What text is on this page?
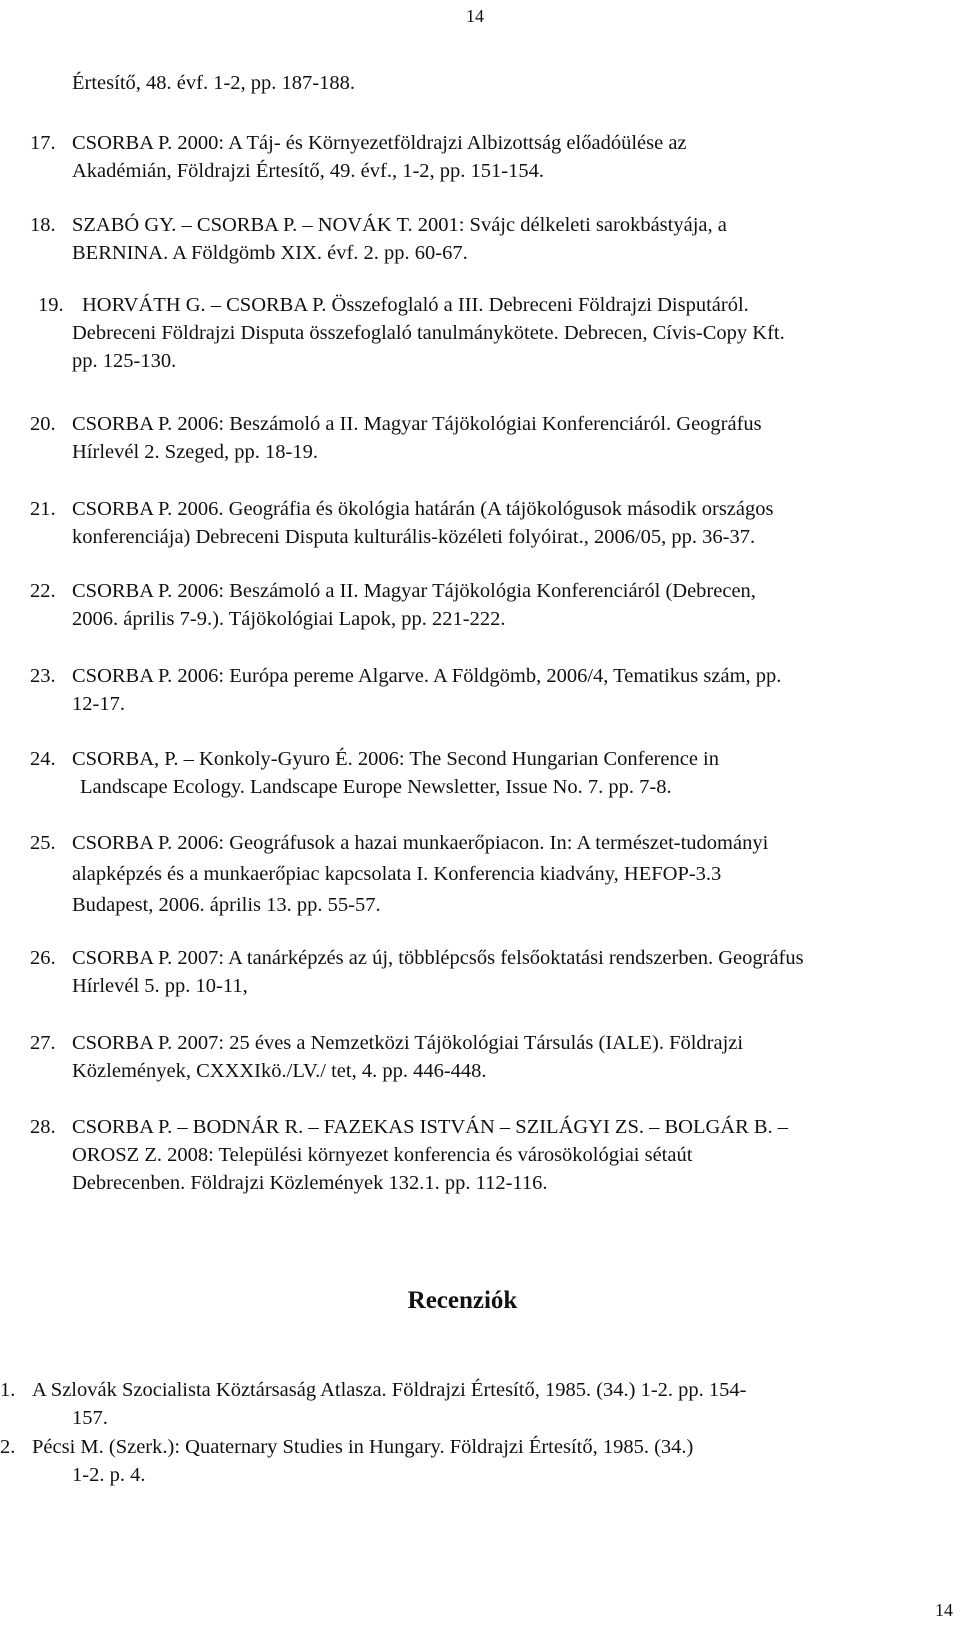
14
Értesítő, 48. évf. 1-2, pp. 187-188.
17. CSORBA P. 2000: A Táj- és Környezetföldrajzi Albizottság előadóülése az
Akadémián, Földrajzi Értesítő, 49. évf., 1-2, pp. 151-154.
18. SZABÓ GY. – CSORBA P. – NOVÁK T. 2001: Svájc délkeleti sarokbástyája, a
BERNINA. A Földgömb XIX. évf. 2. pp. 60-67.
19. HORVÁTH G. – CSORBA P. Összefoglaló a III. Debreceni Földrajzi Disputáról.
Debreceni Földrajzi Disputa összefoglaló tanulmánykötete. Debrecen, Cívis-Copy Kft.
pp. 125-130.
20. CSORBA P. 2006: Beszámoló a II. Magyar Tájökológiai Konferenciáról. Geográfus
Hírlevél 2. Szeged, pp. 18-19.
21. CSORBA P. 2006. Geográfia és ökológia határán (A tájökológusok második országos
konferenciája) Debreceni Disputa kulturális-közéleti folyóirat., 2006/05, pp. 36-37.
22. CSORBA P. 2006: Beszámoló a II. Magyar Tájökológia Konferenciáról (Debrecen,
2006. április 7-9.). Tájökológiai Lapok, pp. 221-222.
23. CSORBA P. 2006: Európa pereme Algarve. A Földgömb, 2006/4, Tematikus szám, pp.
12-17.
24. CSORBA, P. – Konkoly-Gyuro É. 2006: The Second Hungarian Conference in
Landscape Ecology. Landscape Europe Newsletter, Issue No. 7. pp. 7-8.
25. CSORBA P. 2006: Geográfusok a hazai munkaerőpiacon. In: A természet-tudományi
alapképzés és a munkaerőpiac kapcsolata I. Konferencia kiadvány, HEFOP-3.3
Budapest, 2006. április 13. pp. 55-57.
26. CSORBA P. 2007: A tanárképzés az új, többlépcsős felsőoktatási rendszerben. Geográfus
Hírlevél 5. pp. 10-11,
27. CSORBA P. 2007: 25 éves a Nemzetközi Tájökológiai Társulás (IALE). Földrajzi
Közlemények, CXXXIkö./LV./ tet, 4. pp. 446-448.
28. CSORBA P. – BODNÁR R. – FAZEKAS ISTVÁN – SZILÁGYI ZS. – BOLGÁR B. –
OROSZ Z. 2008: Települési környezet konferencia és városökológiai sétaút
Debrecenben. Földrajzi Közlemények 132.1. pp. 112-116.
Recenziók
1. A Szlovák Szocialista Köztársaság Atlasza. Földrajzi Értesítő, 1985. (34.) 1-2. pp. 154-
157.
2. Pécsi M. (Szerk.): Quaternary Studies in Hungary. Földrajzi Értesítő, 1985. (34.)
1-2. p. 4.
14
